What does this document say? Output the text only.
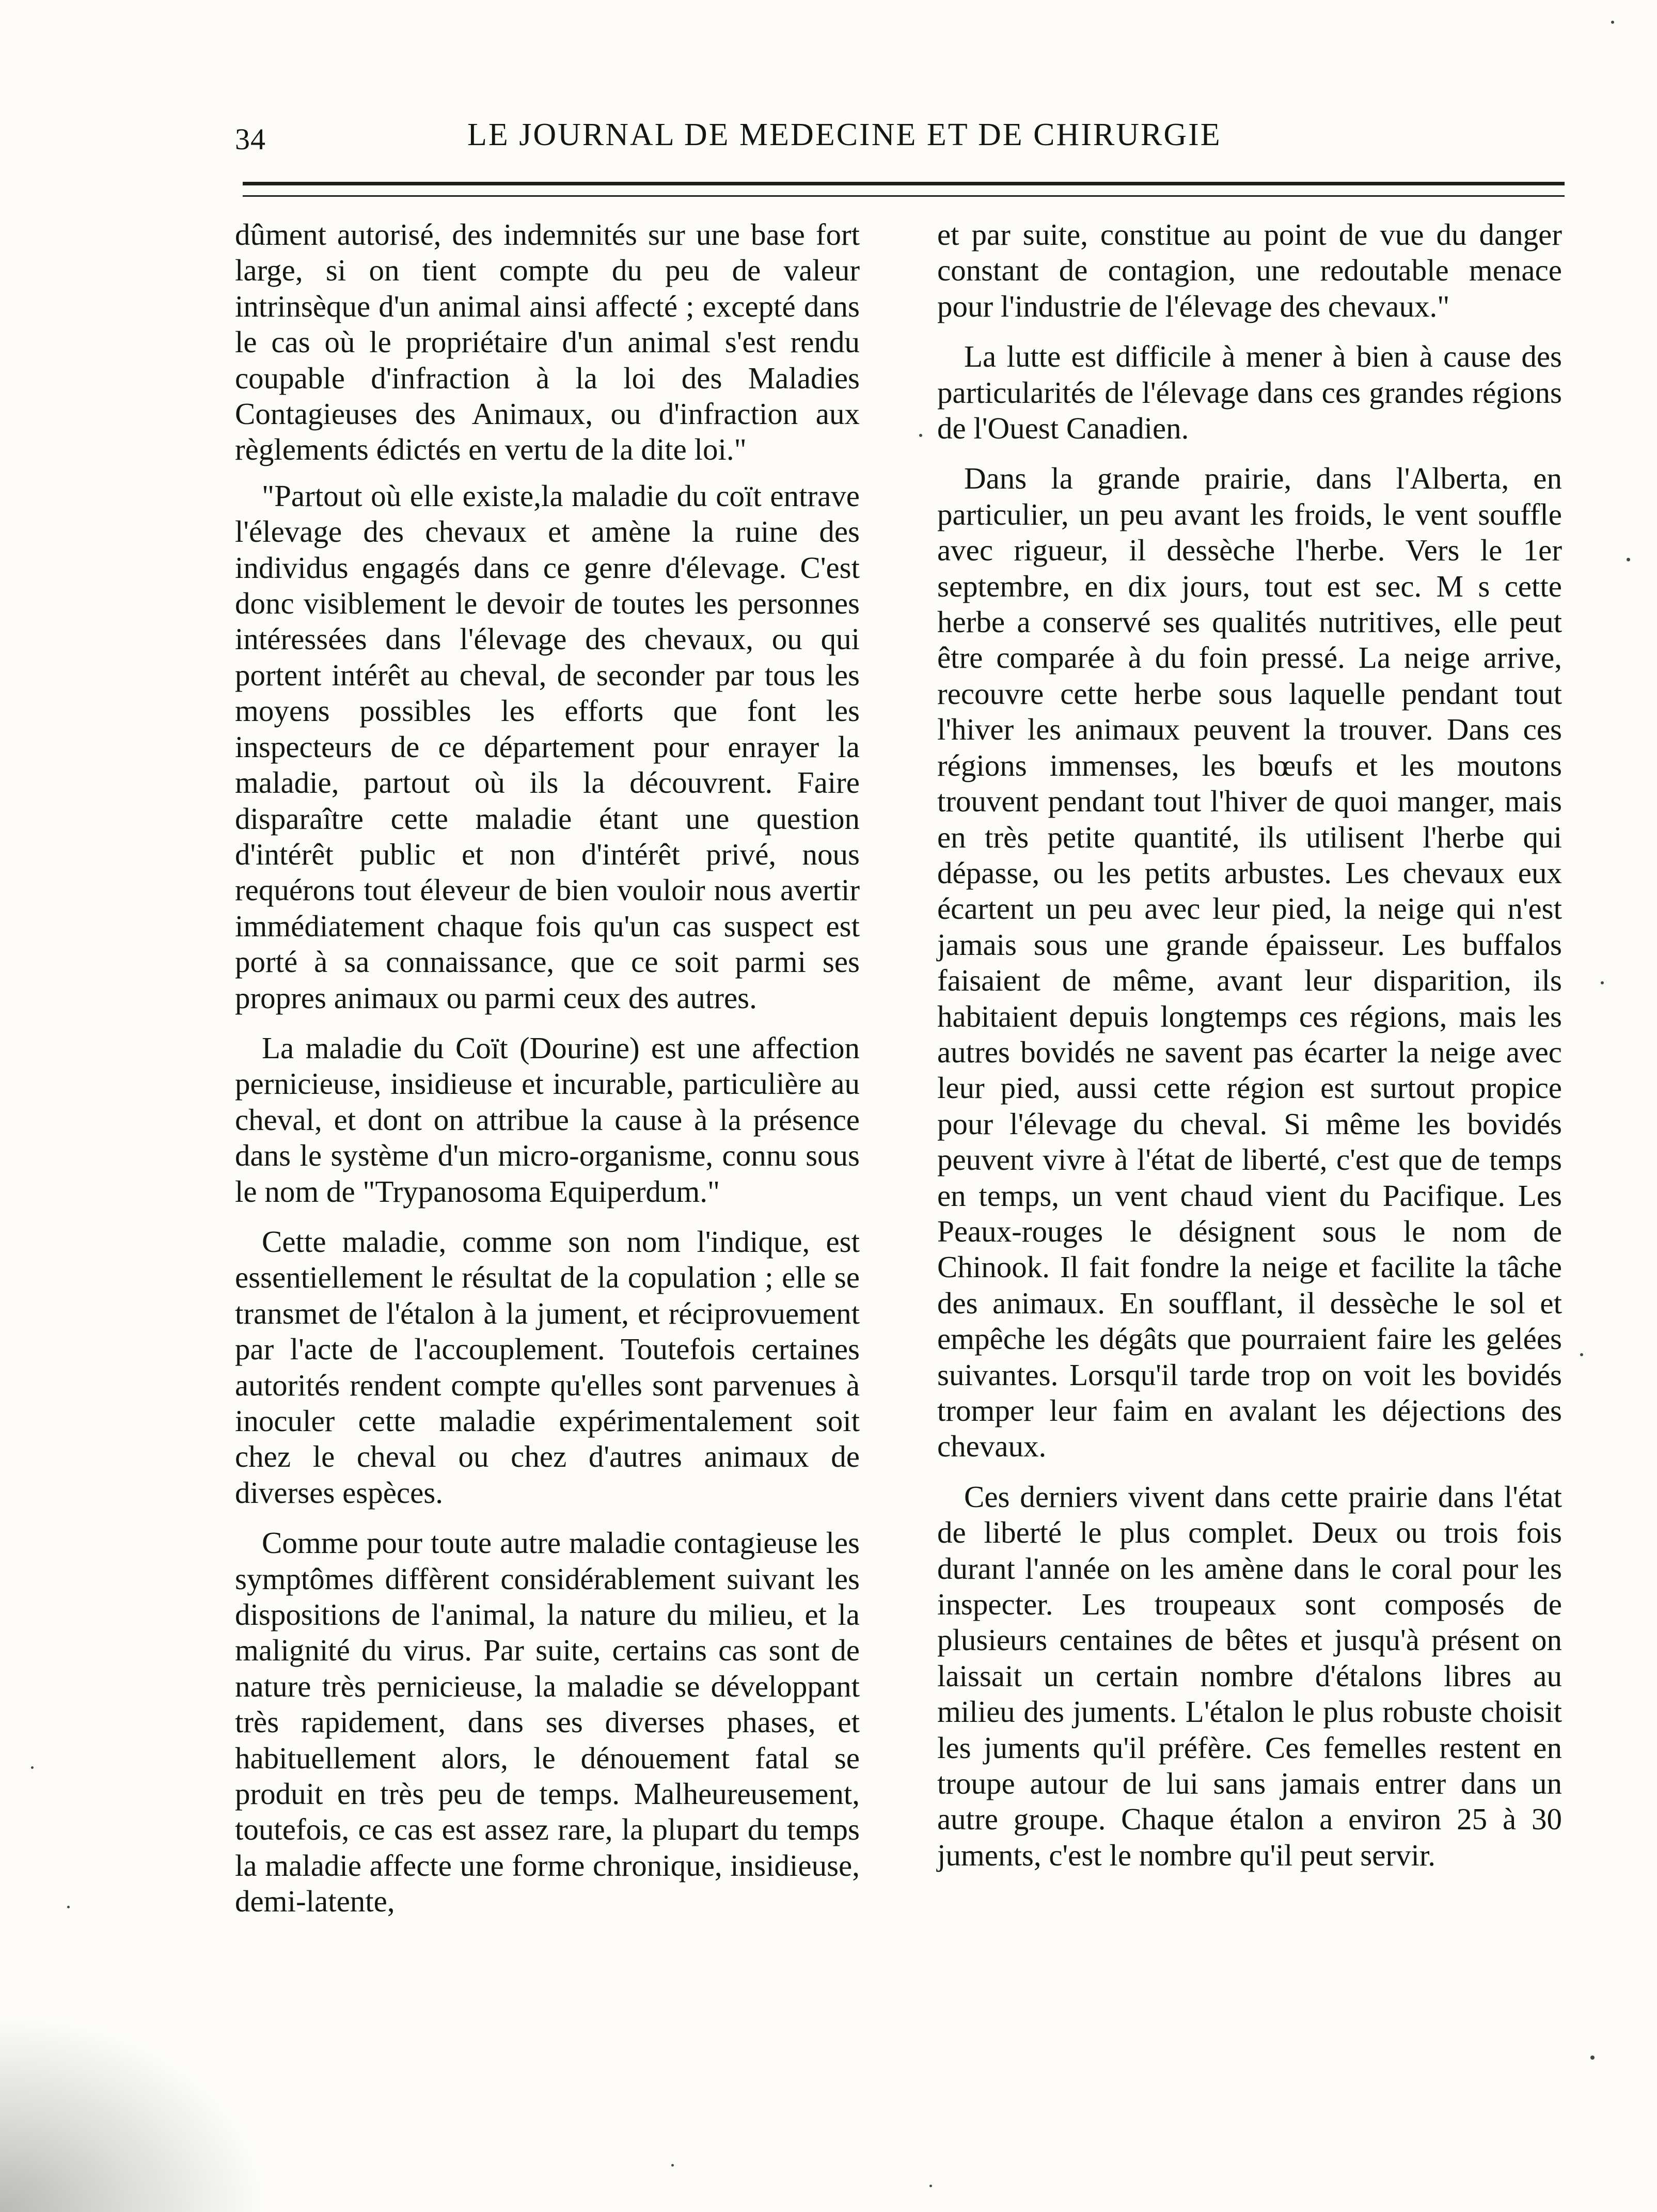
34	LE JOURNAL DE MEDECINE ET DE CHIRURGIE

dûment autorisé, des indemnités sur une base fort large, si on tient compte du peu de valeur intrinsèque d'un animal ainsi affecté ; excepté dans le cas où le propriétaire d'un animal s'est rendu coupable d'infraction à la loi des Maladies Contagieuses des Animaux, ou d'infraction aux règlements édictés en vertu de la dite loi."

"Partout où elle existe,la maladie du coït entrave l'élevage des chevaux et amène la ruine des individus engagés dans ce genre d'élevage. C'est donc visiblement le devoir de toutes les personnes intéressées dans l'élevage des chevaux, ou qui portent intérêt au cheval, de seconder par tous les moyens possibles les efforts que font les inspecteurs de ce département pour enrayer la maladie, partout où ils la découvrent. Faire disparaître cette maladie étant une question d'intérêt public et non d'intérêt privé, nous requérons tout éleveur de bien vouloir nous avertir immédiatement chaque fois qu'un cas suspect est porté à sa connaissance, que ce soit parmi ses propres animaux ou parmi ceux des autres.

La maladie du Coït (Dourine) est une affection pernicieuse, insidieuse et incurable, particulière au cheval, et dont on attribue la cause à la présence dans le système d'un micro-organisme, connu sous le nom de "Trypanosoma Equiperdum."

Cette maladie, comme son nom l'indique, est essentiellement le résultat de la copulation ; elle se transmet de l'étalon à la jument, et réciprovuement par l'acte de l'accouplement. Toutefois certaines autorités rendent compte qu'elles sont parvenues à inoculer cette maladie expérimentalement soit chez le cheval ou chez d'autres animaux de diverses espèces.

Comme pour toute autre maladie contagieuse les symptômes diffèrent considérablement suivant les dispositions de l'animal, la nature du milieu, et la malignité du virus. Par suite, certains cas sont de nature très pernicieuse, la maladie se développant très rapidement, dans ses diverses phases, et habituellement alors, le dénouement fatal se produit en très peu de temps. Malheureusement, toutefois, ce cas est assez rare, la plupart du temps la maladie affecte une forme chronique, insidieuse, demi-latente,

et par suite, constitue au point de vue du danger constant de contagion, une redoutable menace pour l'industrie de l'élevage des chevaux."

La lutte est difficile à mener à bien à cause des particularités de l'élevage dans ces grandes régions de l'Ouest Canadien.

Dans la grande prairie, dans l'Alberta, en particulier, un peu avant les froids, le vent souffle avec rigueur, il dessèche l'herbe. Vers le 1er septembre, en dix jours, tout est sec. M s cette herbe a conservé ses qualités nutritives, elle peut être comparée à du foin pressé. La neige arrive, recouvre cette herbe sous laquelle pendant tout l'hiver les animaux peuvent la trouver. Dans ces régions immenses, les bœufs et les moutons trouvent pendant tout l'hiver de quoi manger, mais en très petite quantité, ils utilisent l'herbe qui dépasse, ou les petits arbustes. Les chevaux eux écartent un peu avec leur pied, la neige qui n'est jamais sous une grande épaisseur. Les buffalos faisaient de même, avant leur disparition, ils habitaient depuis longtemps ces régions, mais les autres bovidés ne savent pas écarter la neige avec leur pied, aussi cette région est surtout propice pour l'élevage du cheval. Si même les bovidés peuvent vivre à l'état de liberté, c'est que de temps en temps, un vent chaud vient du Pacifique. Les Peaux-rouges le désignent sous le nom de Chinook. Il fait fondre la neige et facilite la tâche des animaux. En soufflant, il dessèche le sol et empêche les dégâts que pourraient faire les gelées suivantes. Lorsqu'il tarde trop on voit les bovidés tromper leur faim en avalant les déjections des chevaux.

Ces derniers vivent dans cette prairie dans l'état de liberté le plus complet. Deux ou trois fois durant l'année on les amène dans le coral pour les inspecter. Les troupeaux sont composés de plusieurs centaines de bêtes et jusqu'à présent on laissait un certain nombre d'étalons libres au milieu des juments. L'étalon le plus robuste choisit les juments qu'il préfère. Ces femelles restent en troupe autour de lui sans jamais entrer dans un autre groupe. Chaque étalon a environ 25 à 30 juments, c'est le nombre qu'il peut servir.
